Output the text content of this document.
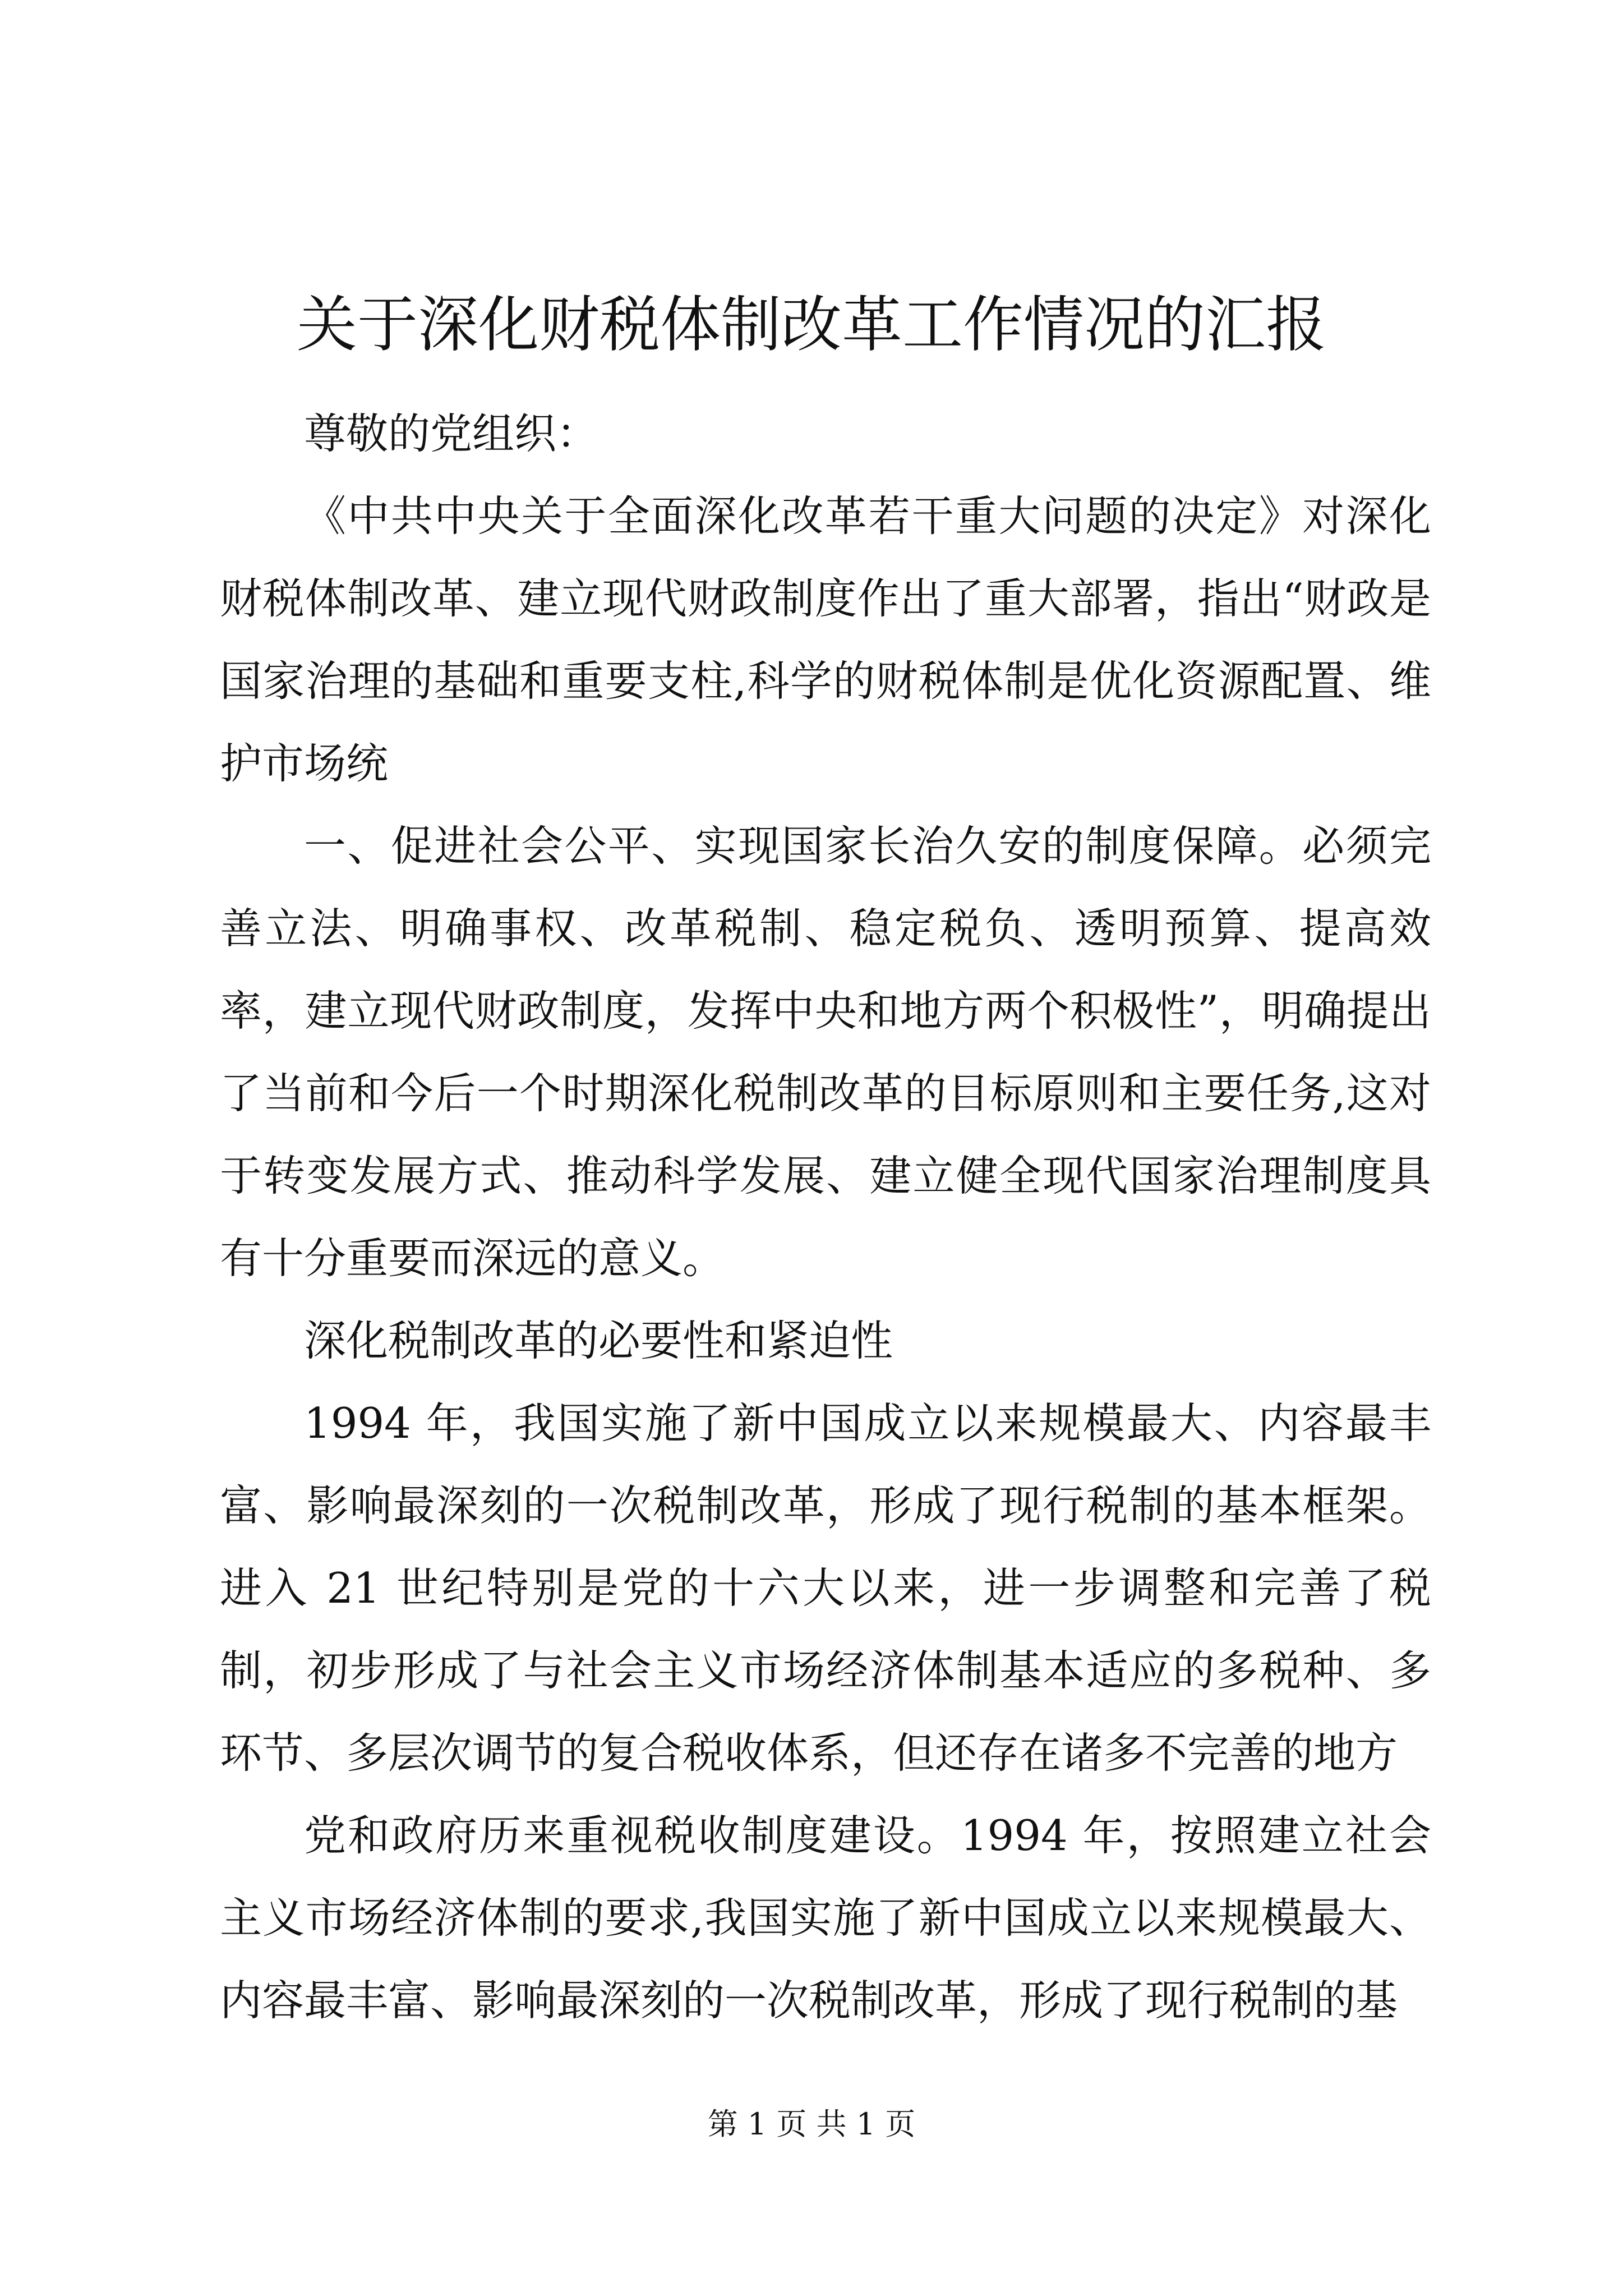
关于深化财税体制改革工作情况的汇报

尊敬的党组织：

《中共中央关于全面深化改革若干重大问题的决定》对深化财税体制改革、建立现代财政制度作出了重大部署，指出“财政是国家治理的基础和重要支柱,科学的财税体制是优化资源配置、维护市场统

一、促进社会公平、实现国家长治久安的制度保障。必须完善立法、明确事权、改革税制、稳定税负、透明预算、提高效率，建立现代财政制度，发挥中央和地方两个积极性”，明确提出了当前和今后一个时期深化税制改革的目标原则和主要任务,这对于转变发展方式、推动科学发展、建立健全现代国家治理制度具有十分重要而深远的意义。

深化税制改革的必要性和紧迫性

1994 年，我国实施了新中国成立以来规模最大、内容最丰富、影响最深刻的一次税制改革，形成了现行税制的基本框架。进入 21 世纪特别是党的十六大以来，进一步调整和完善了税制，初步形成了与社会主义市场经济体制基本适应的多税种、多环节、多层次调节的复合税收体系，但还存在诸多不完善的地方

党和政府历来重视税收制度建设。1994 年，按照建立社会主义市场经济体制的要求,我国实施了新中国成立以来规模最大、内容最丰富、影响最深刻的一次税制改革，形成了现行税制的基

第 1 页 共 1 页
